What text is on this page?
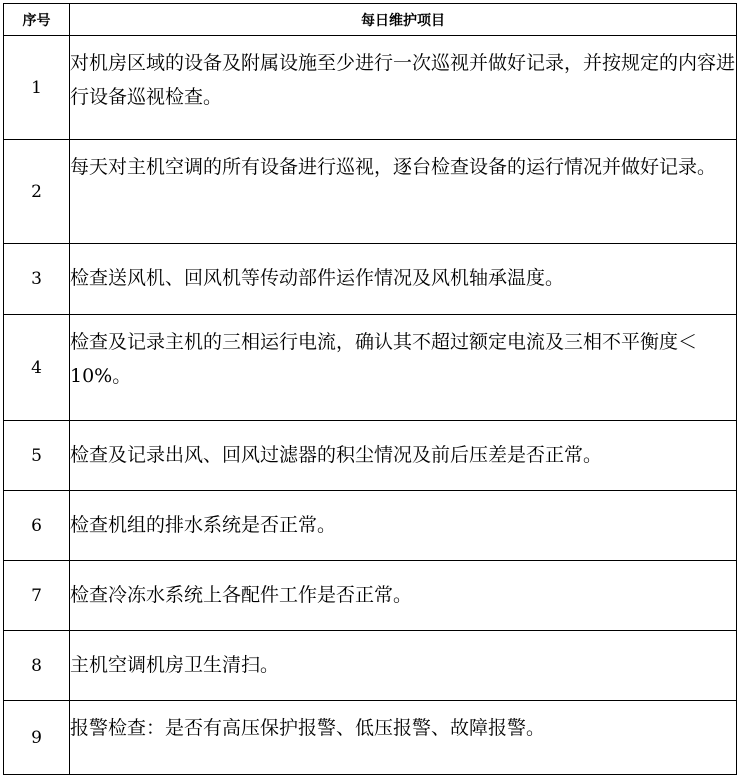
序号	每日维护项目
1	对机房区域的设备及附属设施至少进行一次巡视并做好记录，并按规定的内容进行设备巡视检查。
2	每天对主机空调的所有设备进行巡视，逐台检查设备的运行情况并做好记录。
3	检查送风机、回风机等传动部件运作情况及风机轴承温度。
4	检查及记录主机的三相运行电流，确认其不超过额定电流及三相不平衡度＜10%。
5	检查及记录出风、回风过滤器的积尘情况及前后压差是否正常。
6	检查机组的排水系统是否正常。
7	检查冷冻水系统上各配件工作是否正常。
8	主机空调机房卫生清扫。
9	报警检查：是否有高压保护报警、低压报警、故障报警。
